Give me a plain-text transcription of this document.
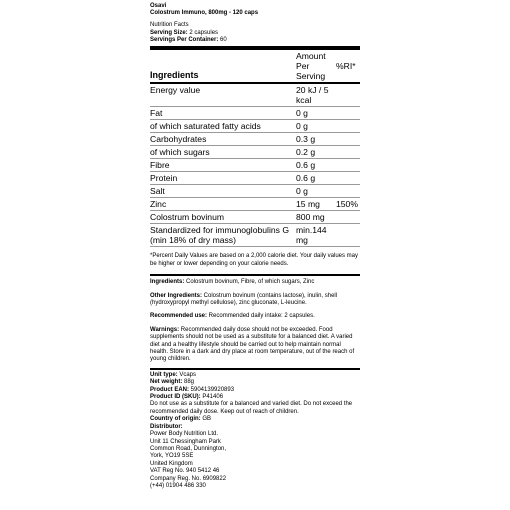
Osavi
Colostrum Immuno, 800mg - 120 caps
Nutrition Facts
Serving Size: 2 capsules
Servings Per Container: 60
Ingredients	Amount Per Serving	%RI*
Energy value	20 kJ / 5 kcal	
Fat	0 g	
of which saturated fatty acids	0 g	
Carbohydrates	0.3 g	
of which sugars	0.2 g	
Fibre	0.6 g	
Protein	0.6 g	
Salt	0 g	
Zinc	15 mg	150%
Colostrum bovinum	800 mg	
Standardized for immunoglobulins G (min 18% of dry mass)	min.144 mg	
*Percent Daily Values are based on a 2,000 calorie diet. Your daily values may be higher or lower depending on your calorie needs.

Ingredients: Colostrum bovinum, Fibre, of which sugars, Zinc

Other Ingredients: Colostrum bovinum (contains lactose), inulin, shell (hydroxypropyl methyl cellulose), zinc gluconate, L-leucine.

Recommended use: Recommended daily intake: 2 capsules.

Warnings: Recommended daily dose should not be exceeded. Food supplements should not be used as a substitute for a balanced diet. A varied diet and a healthy lifestyle should be carried out to help maintain normal health. Store in a dark and dry place at room temperature, out of the reach of young children.

Unit type: Vcaps
Net weight: 88g
Product EAN: 5904139920893
Product ID (SKU): P41406
Do not use as a substitute for a balanced and varied diet. Do not exceed the recommended daily dose. Keep out of reach of children.
Country of origin: GB
Distributor:
Power Body Nutrition Ltd.
Unit 11 Chessingham Park
Common Road, Dunnington,
York, YO19 5SE
United Kingdom
VAT Reg No. 940 5412 46
Company Reg. No. 6909822
(+44) 01904 486 330
